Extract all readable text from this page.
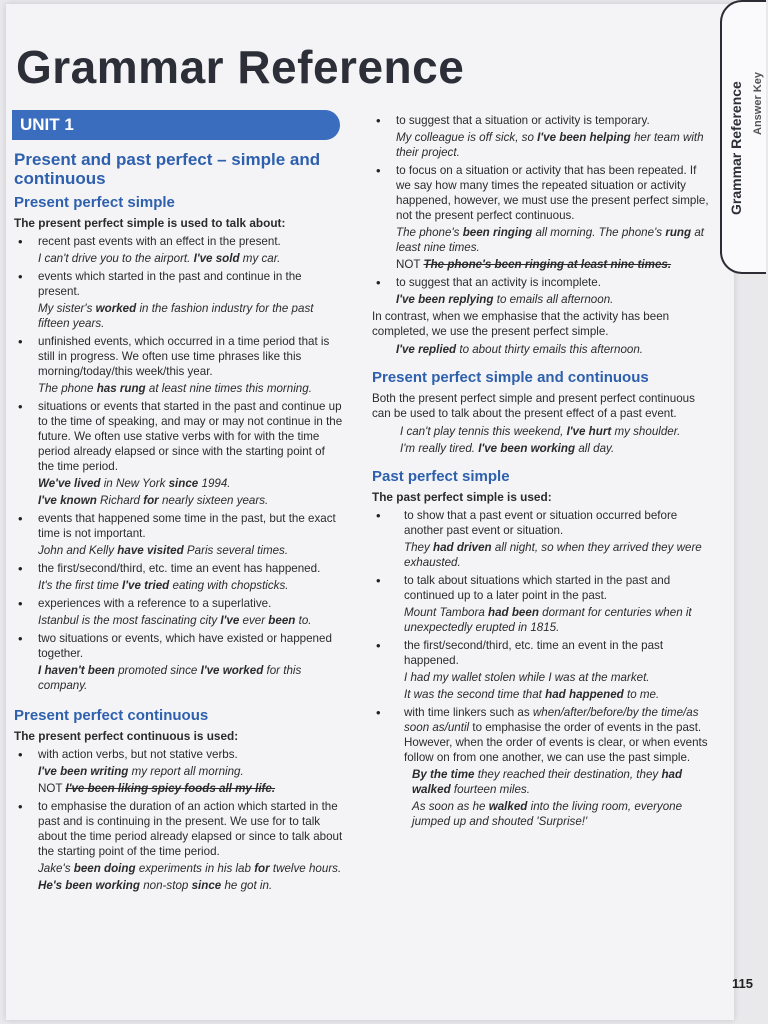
Grammar Reference
UNIT 1	Grammar Reference Answer Key
Present and past perfect – simple and continuous
Present perfect simple

The present perfect simple is used to talk about:

• recent past events with an effect in the present.
I can't drive you to the airport. I've sold my car.
• events which started in the past and continue in the present.
My sister's worked in the fashion industry for the past fifteen years.
• unfinished events, which occurred in a time period that is still in progress. We often use time phrases like this morning/today/this week/this year.
The phone has rung at least nine times this morning.
• situations or events that started in the past and continue up to the time of speaking, and may or may not continue in the future. We often use stative verbs with for with the time period already elapsed or since with the starting point of the time period.
We've lived in New York since 1994.
I've known Richard for nearly sixteen years.
• events that happened some time in the past, but the exact time is not important.
John and Kelly have visited Paris several times.
• the first/second/third, etc. time an event has happened.
It's the first time I've tried eating with chopsticks.
• experiences with a reference to a superlative.
Istanbul is the most fascinating city I've ever been to.
• two situations or events, which have existed or happened together.
I haven't been promoted since I've worked for this company.
Present perfect continuous

The present perfect continuous is used:

• with action verbs, but not stative verbs.
I've been writing my report all morning.
NOT I've been liking spicy foods all my life.
• to emphasise the duration of an action which started in the past and is continuing in the present. We use for to talk about the time period already elapsed or since to talk about the starting point of the time period.
Jake's been doing experiments in his lab for twelve hours.
He's been working non-stop since he got in.
• to suggest that a situation or activity is temporary.
My colleague is off sick, so I've been helping her team with their project.
• to focus on a situation or activity that has been repeated. If we say how many times the repeated situation or activity happened, however, we must use the present perfect simple, not the present perfect continuous.
The phone's been ringing all morning. The phone's rung at least nine times.
NOT The phone's been ringing at least nine times.
• to suggest that an activity is incomplete.
I've been replying to emails all afternoon.

In contrast, when we emphasise that the activity has been completed, we use the present perfect simple.

I've replied to about thirty emails this afternoon.
Present perfect simple and continuous

Both the present perfect simple and present perfect continuous can be used to talk about the present effect of a past event.

I can't play tennis this weekend, I've hurt my shoulder.
I'm really tired. I've been working all day.
Past perfect simple

The past perfect simple is used:

• to show that a past event or situation occurred before another past event or situation.
They had driven all night, so when they arrived they were exhausted.
• to talk about situations which started in the past and continued up to a later point in the past.
Mount Tambora had been dormant for centuries when it unexpectedly erupted in 1815.
• the first/second/third, etc. time an event in the past happened.
I had my wallet stolen while I was at the market.
It was the second time that had happened to me.
• with time linkers such as when/after/before/by the time/as soon as/until to emphasise the order of events in the past. However, when the order of events is clear, or when events follow on from one another, we can use the past simple.
By the time they reached their destination, they had walked fourteen miles.
As soon as he walked into the living room, everyone jumped up and shouted 'Surprise!'
115
